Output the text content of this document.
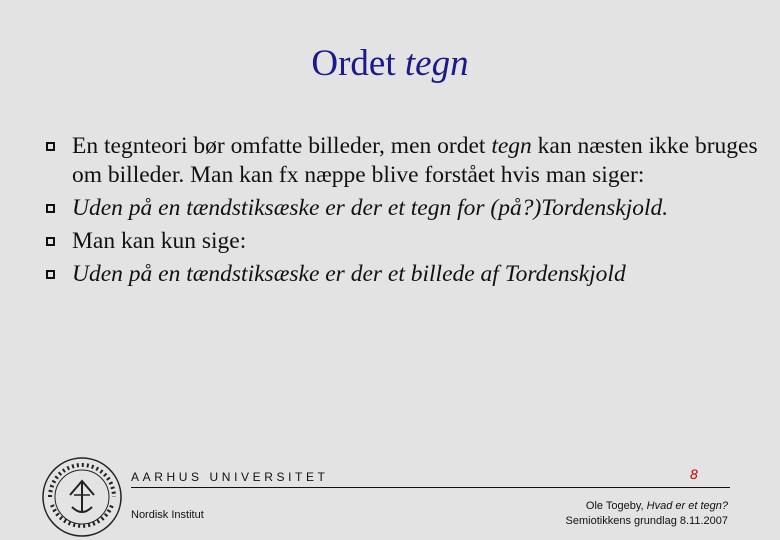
Ordet tegn
En tegnteori bør omfatte billeder, men ordet tegn kan næsten ikke bruges om billeder. Man kan fx næppe blive forstået hvis man siger:
Uden på en tændstiksæske er der et tegn for (på?)Tordenskjold.
Man kan kun sige:
Uden på en tændstiksæske er der et billede af Tordenskjold
AARHUS UNIVERSITET	8
Nordisk Institut
Ole Togeby, Hvad er et tegn?
Semiotikkens grundlag 8.11.2007
